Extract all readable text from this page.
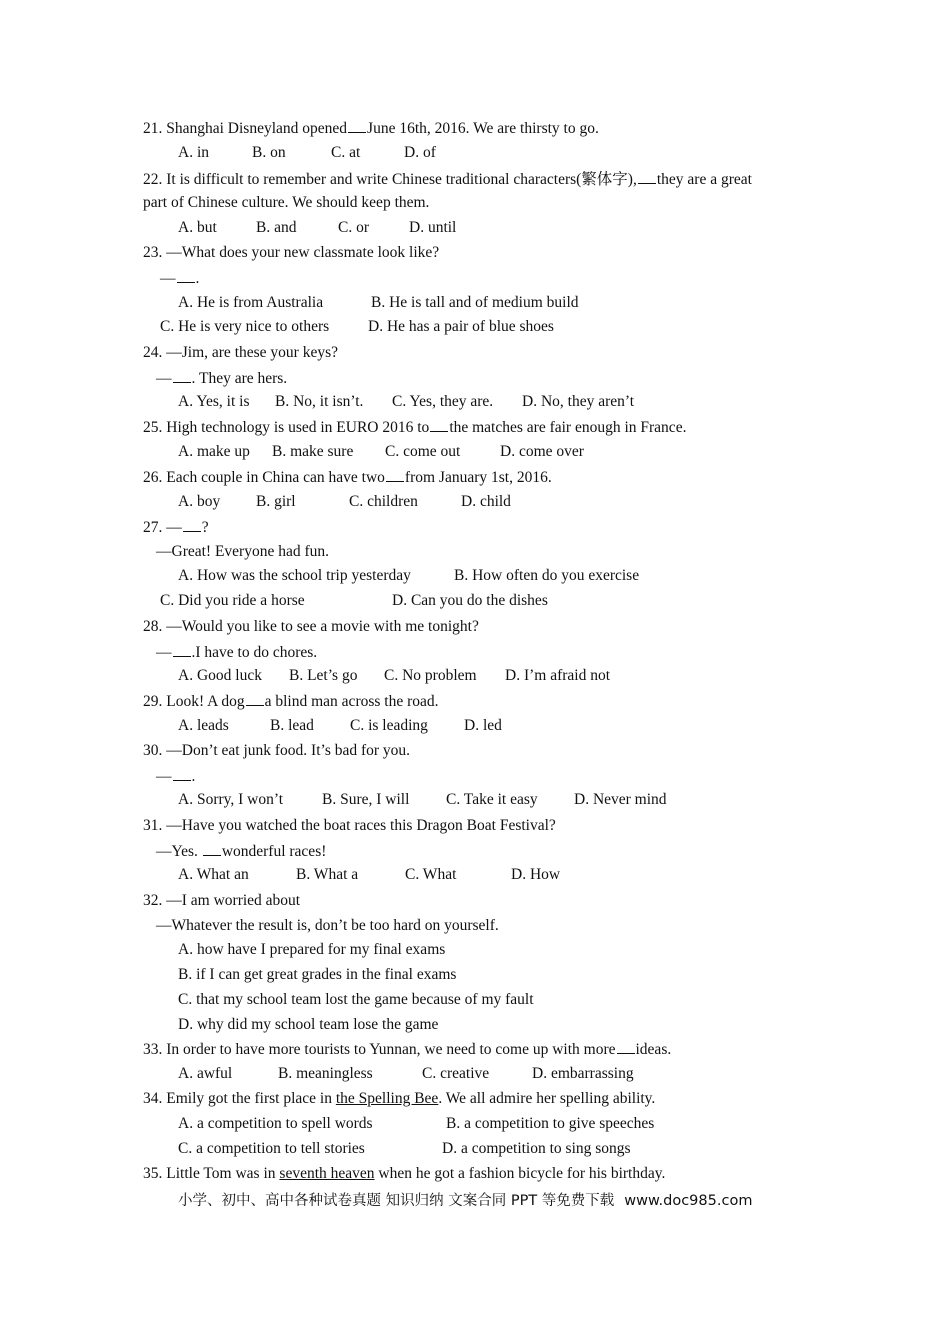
21. Shanghai Disneyland opened June 16th, 2016. We are thirsty to go.
A. in	B. on	C. at	D. of
22. It is difficult to remember and write Chinese traditional characters(繁体字), they are a great
part of Chinese culture. We should keep them.
A. but	B. and	C. or	D. until
23. —What does your new classmate look like?
— .
A. He is from Australia	B. He is tall and of medium build
C. He is very nice to others	D. He has a pair of blue shoes
24. —Jim, are these your keys?
— . They are hers.
A. Yes, it is B. No, it isn’t. C. Yes, they are. D. No, they aren’t
25. High technology is used in EURO 2016 to the matches are fair enough in France.
A. make up B. make sure C. come out	D. come over
26. Each couple in China can have two from January 1st, 2016.
A. boy B. girl	C. children	D. child
27. — ?
—Great! Everyone had fun.
A. How was the school trip yesterday	B. How often do you exercise
C. Did you ride a horse	D. Can you do the dishes
28. —Would you like to see a movie with me tonight?
— .I have to do chores.
A. Good luck B. Let’s go C. No problem D. I’m afraid not
29. Look! A dog a blind man across the road.
A. leads	B. lead C. is leading D. led
30. —Don’t eat junk food. It’s bad for you.
— .
A. Sorry, I won’t	B. Sure, I will C. Take it easy D. Never mind
31. —Have you watched the boat races this Dragon Boat Festival?
—Yes. wonderful races!
A. What an	B. What a	C. What	D. How
32. —I am worried about
—Whatever the result is, don’t be too hard on yourself.
A. how have I prepared for my final exams
B. if I can get great grades in the final exams
C. that my school team lost the game because of my fault
D. why did my school team lose the game
33. In order to have more tourists to Yunnan, we need to come up with more ideas.
A. awful	B. meaningless	C. creative	D. embarrassing
34. Emily got the first place in the Spelling Bee. We all admire her spelling ability.
A. a competition to spell words	B. a competition to give speeches
C. a competition to tell stories	D. a competition to sing songs
35. Little Tom was in seventh heaven when he got a fashion bicycle for his birthday.
小学、初中、高中各种试卷真题 知识归纳 文案合同 PPT 等免费下载 www.doc985.com
